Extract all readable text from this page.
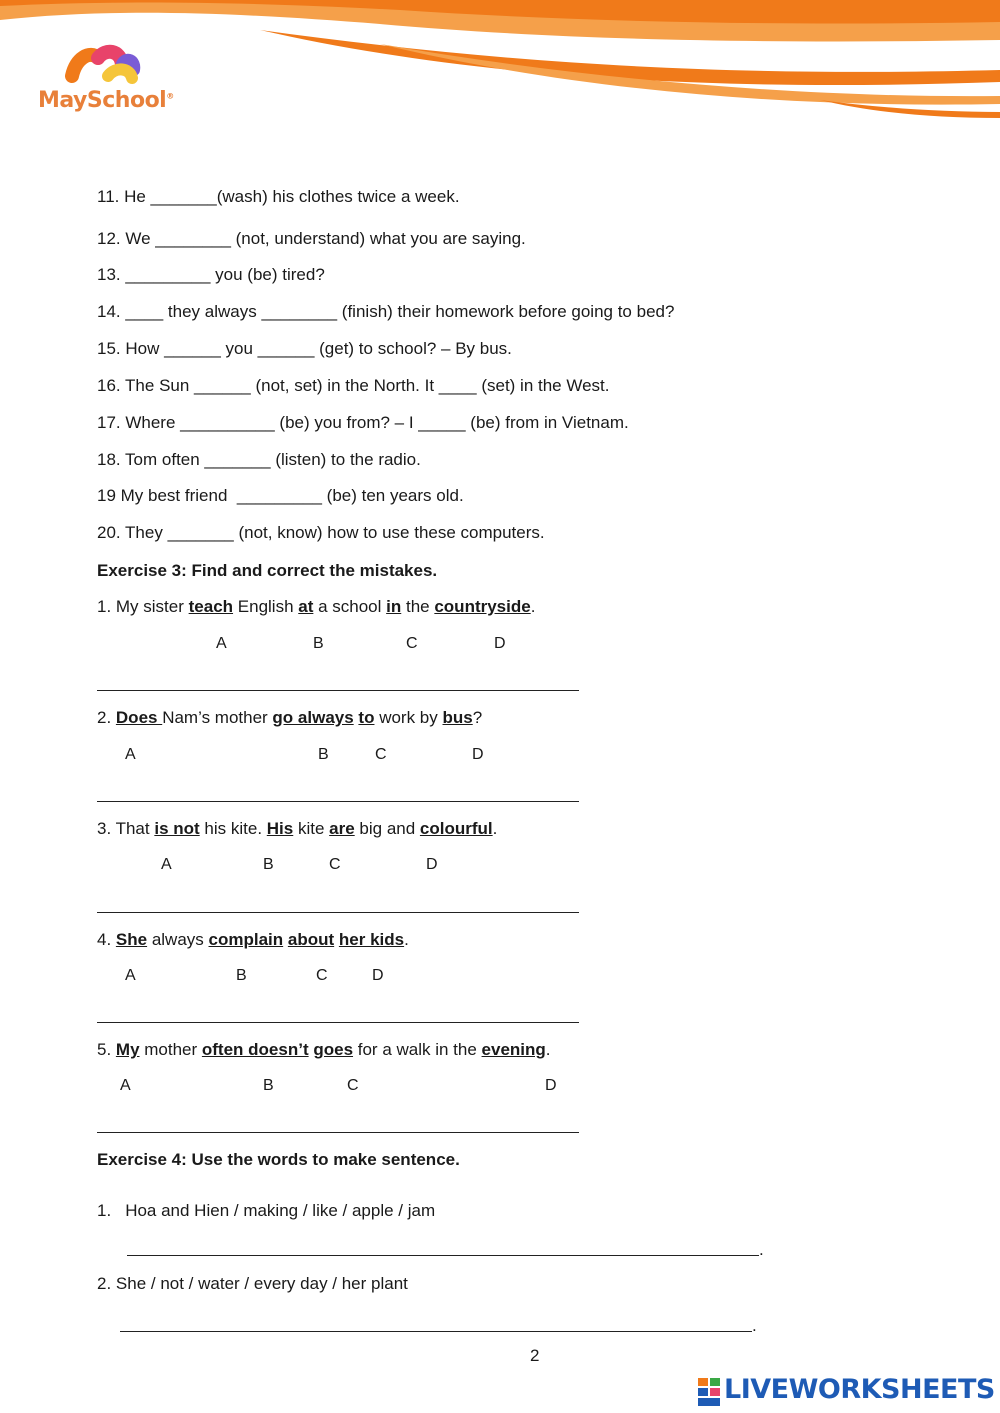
MaySchool®
11. He _______(wash) his clothes twice a week.
12. We ________ (not, understand) what you are saying.
13. _________ you (be) tired?
14. ____ they always ________ (finish) their homework before going to bed?
15. How ______ you ______ (get) to school? – By bus.
16. The Sun ______ (not, set) in the North. It ____ (set) in the West.
17. Where __________ (be) you from? – I _____ (be) from in Vietnam.
18. Tom often _______ (listen) to the radio.
19 My best friend  _________ (be) ten years old.
20. They _______ (not, know) how to use these computers.
Exercise 3: Find and correct the mistakes.
1. My sister teach English at a school in the countryside.
A	B	C	D
2. Does Nam’s mother go always to work by bus?
A	B	C	D
3. That is not his kite. His kite are big and colourful.
A	B	C	D
4. She always complain about her kids.
A	B	C	D
5. My mother often doesn’t goes for a walk in the evening.
A	B	C	D
Exercise 4: Use the words to make sentence.
1. Hoa and Hien / making / like / apple / jam
.
2. She / not / water / every day / her plant
.
2
LIVEWORKSHEETS
